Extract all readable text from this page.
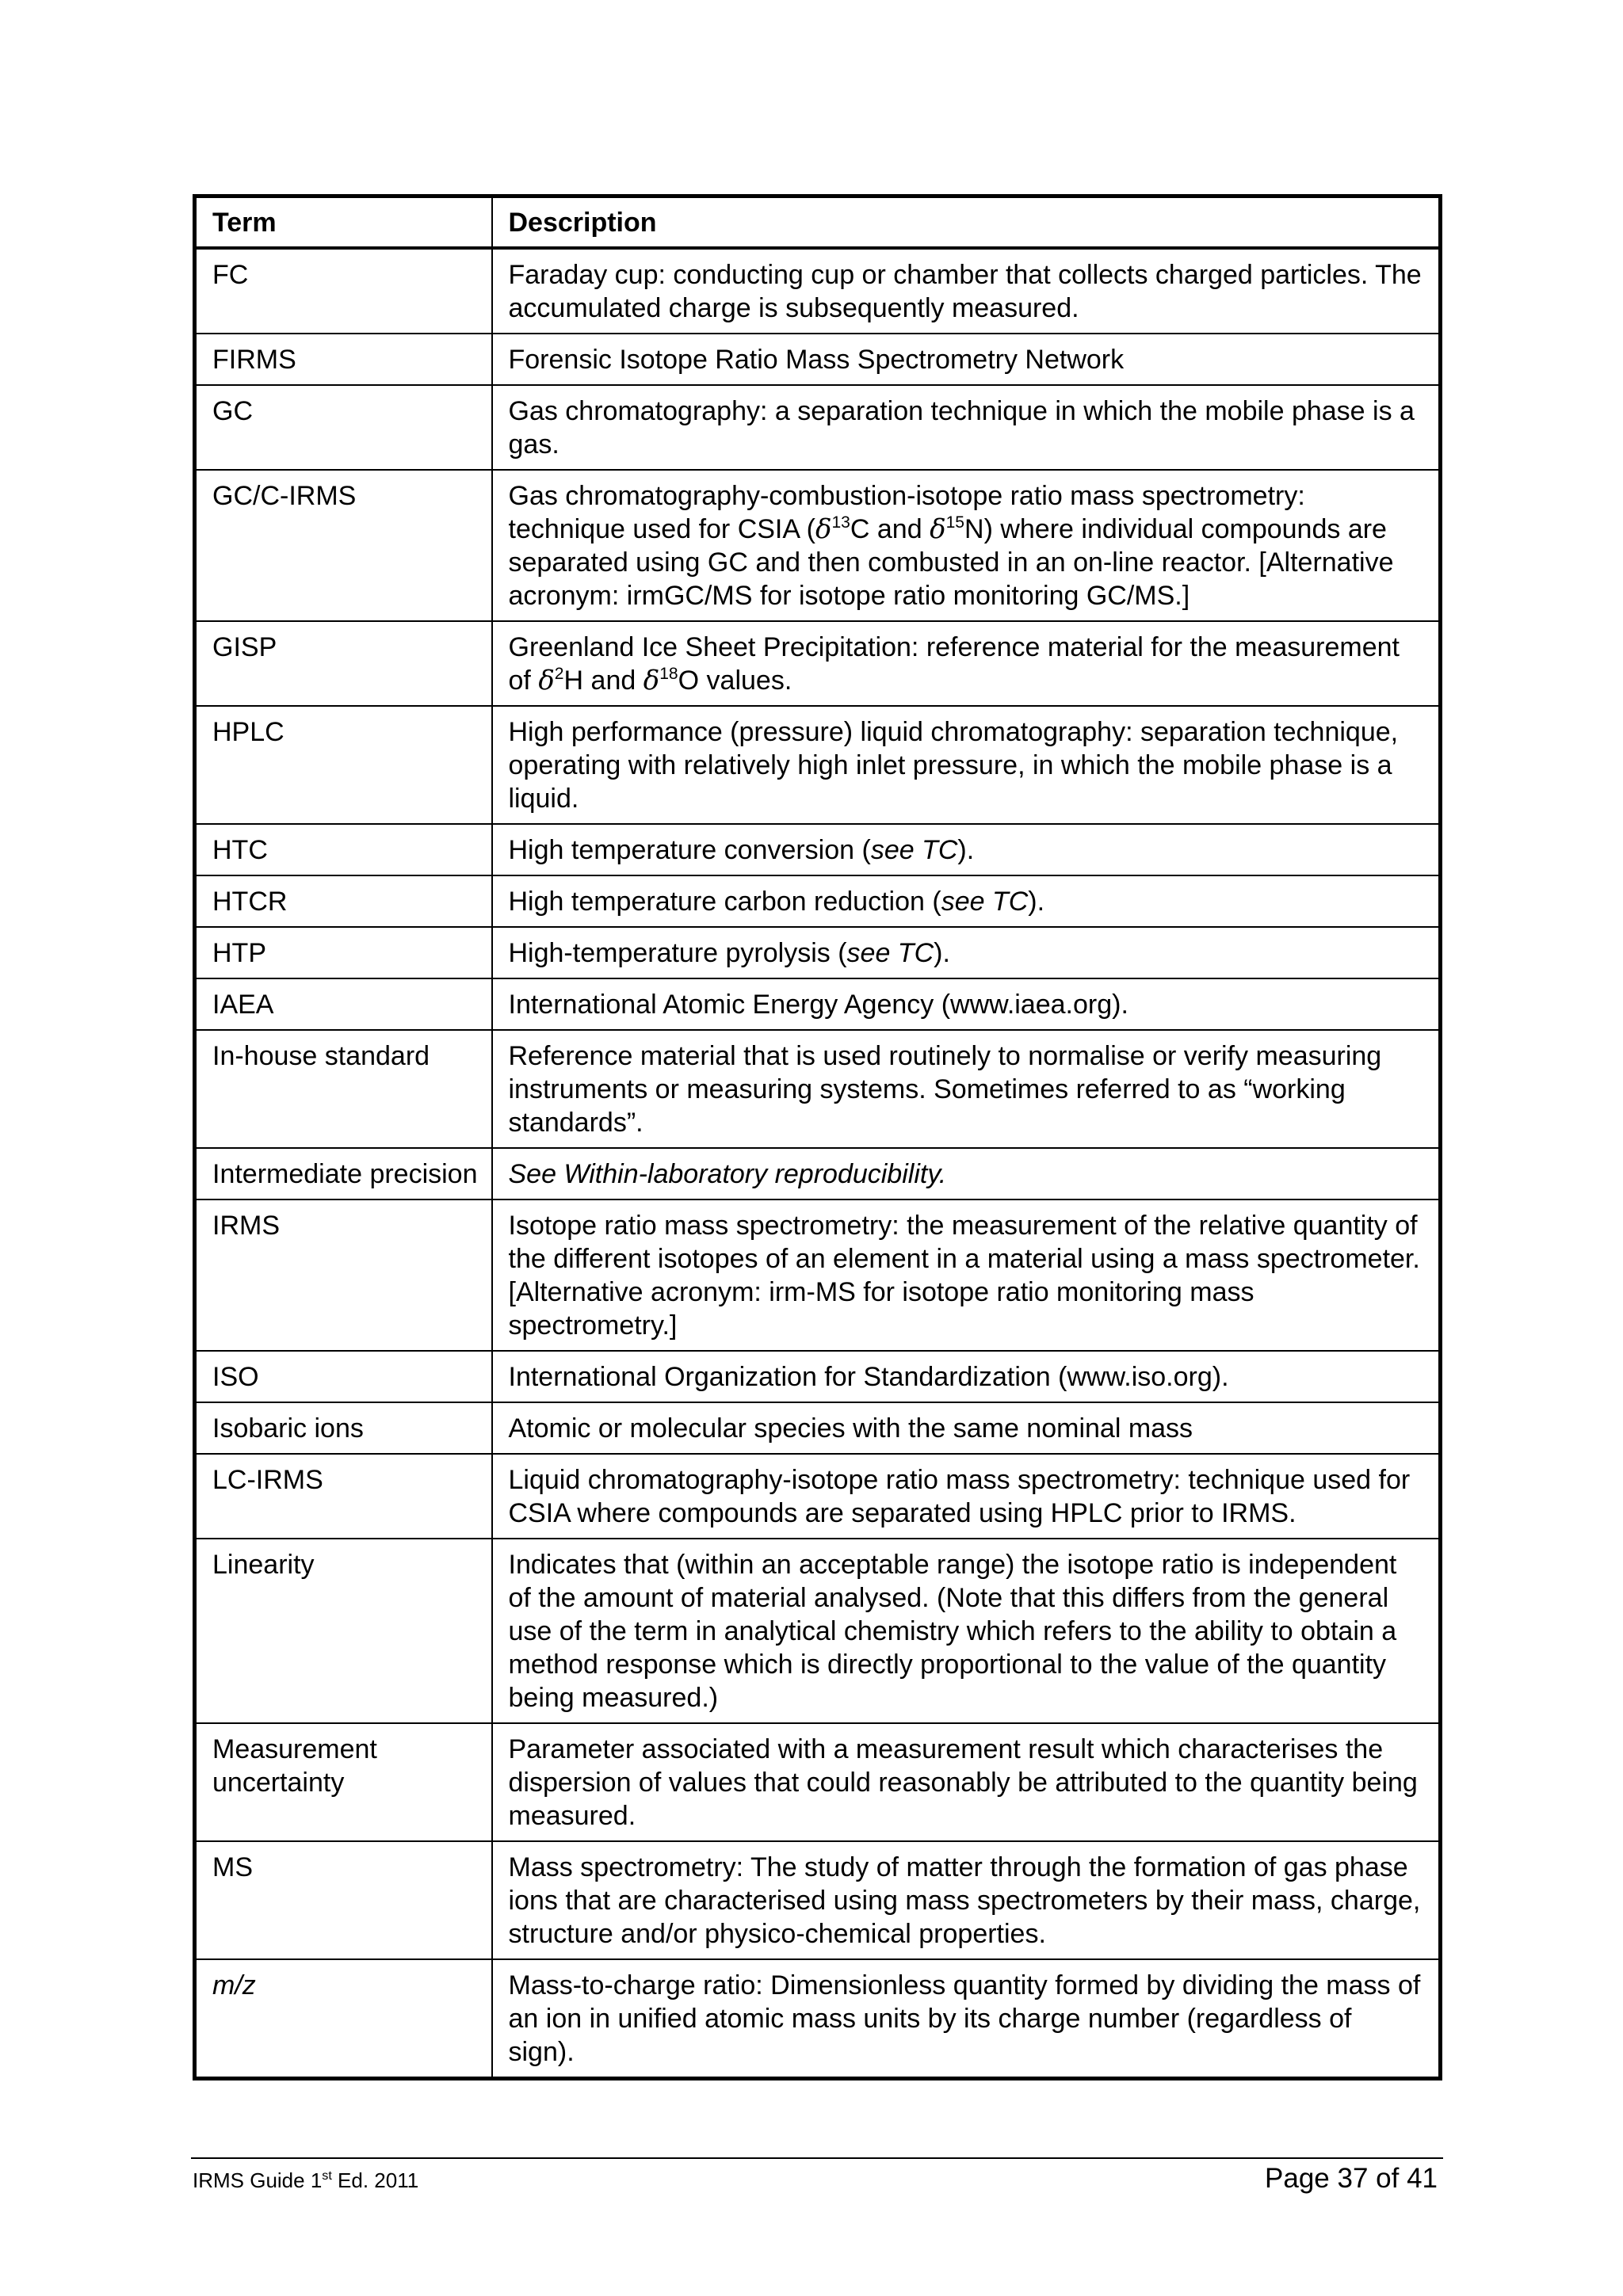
Term	Description
FC	Faraday cup: conducting cup or chamber that collects charged particles. The accumulated charge is subsequently measured.
FIRMS	Forensic Isotope Ratio Mass Spectrometry Network
GC	Gas chromatography: a separation technique in which the mobile phase is a gas.
GC/C-IRMS	Gas chromatography-combustion-isotope ratio mass spectrometry: technique used for CSIA ($\delta^{13}C$ and $\delta^{15}N$) where individual compounds are separated using GC and then combusted in an on-line reactor. [Alternative acronym: irmGC/MS for isotope ratio monitoring GC/MS.]
GISP	Greenland Ice Sheet Precipitation: reference material for the measurement of $\delta^2H$ and $\delta^{18}O$ values.
HPLC	High performance (pressure) liquid chromatography: separation technique, operating with relatively high inlet pressure, in which the mobile phase is a liquid.
HTC	High temperature conversion (see TC).
HTCR	High temperature carbon reduction (see TC).
HTP	High-temperature pyrolysis (see TC).
IAEA	International Atomic Energy Agency (www.iaea.org).
In-house standard	Reference material that is used routinely to normalise or verify measuring instruments or measuring systems. Sometimes referred to as “working standards”.
Intermediate precision	See Within-laboratory reproducibility.
IRMS	Isotope ratio mass spectrometry: the measurement of the relative quantity of the different isotopes of an element in a material using a mass spectrometer. [Alternative acronym: irm-MS for isotope ratio monitoring mass spectrometry.]
ISO	International Organization for Standardization (www.iso.org).
Isobaric ions	Atomic or molecular species with the same nominal mass
LC-IRMS	Liquid chromatography-isotope ratio mass spectrometry: technique used for CSIA where compounds are separated using HPLC prior to IRMS.
Linearity	Indicates that (within an acceptable range) the isotope ratio is independent of the amount of material analysed. (Note that this differs from the general use of the term in analytical chemistry which refers to the ability to obtain a method response which is directly proportional to the value of the quantity being measured.)
Measurement uncertainty	Parameter associated with a measurement result which characterises the dispersion of values that could reasonably be attributed to the quantity being measured.
MS	Mass spectrometry: The study of matter through the formation of gas phase ions that are characterised using mass spectrometers by their mass, charge, structure and/or physico-chemical properties.
m/z	Mass-to-charge ratio: Dimensionless quantity formed by dividing the mass of an ion in unified atomic mass units by its charge number (regardless of sign).
IRMS Guide 1st Ed. 2011	Page 37 of 41
